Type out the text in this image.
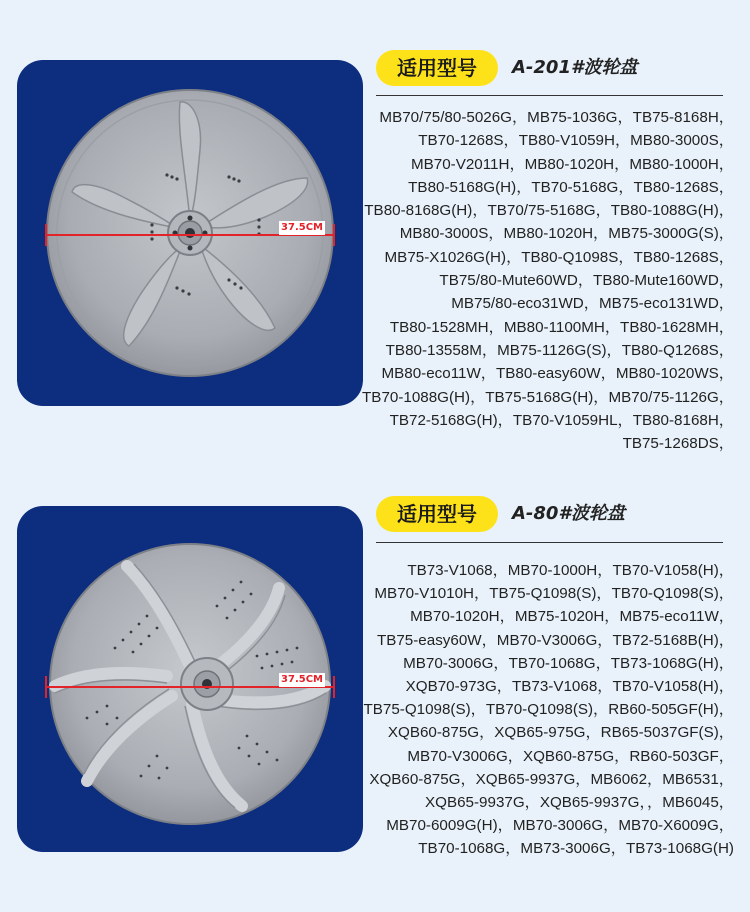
37.5CM
适用型号	A-201#波轮盘
MB70/75/80-5026G，MB75-1036G，TB75-8168H，
TB70-1268S，TB80-V1059H，MB80-3000S，
MB70-V2011H，MB80-1020H，MB80-1000H，
TB80-5168G(H)，TB70-5168G，TB80-1268S，
TB80-8168G(H)，TB70/75-5168G，TB80-1088G(H)，
MB80-3000S，MB80-1020H，MB75-3000G(S)，
MB75-X1026G(H)，TB80-Q1098S，TB80-1268S，
TB75/80-Mute60WD，TB80-Mute160WD，
MB75/80-eco31WD，MB75-eco131WD，
TB80-1528MH，MB80-1100MH，TB80-1628MH，
TB80-13558M，MB75-1126G(S)，TB80-Q1268S，
MB80-eco11W，TB80-easy60W，MB80-1020WS，
TB70-1088G(H)，TB75-5168G(H)，MB70/75-1126G，
TB72-5168G(H)，TB70-V1059HL，TB80-8168H，
TB75-1268DS，
37.5CM
适用型号	A-80#波轮盘
TB73-V1068，MB70-1000H，TB70-V1058(H)，
MB70-V1010H，TB75-Q1098(S)，TB70-Q1098(S)，
MB70-1020H，MB75-1020H，MB75-eco11W，
TB75-easy60W，MB70-V3006G，TB72-5168B(H)，
MB70-3006G，TB70-1068G，TB73-1068G(H)，
XQB70-973G，TB73-V1068，TB70-V1058(H)，
TB75-Q1098(S)，TB70-Q1098(S)，RB60-505GF(H)，
XQB60-875G，XQB65-975G，RB65-5037GF(S)，
MB70-V3006G，XQB60-875G，RB60-503GF，
XQB60-875G，XQB65-9937G，MB6062，MB6531，
XQB65-9937G，XQB65-9937G，，MB6045，
MB70-6009G(H)，MB70-3006G，MB70-X6009G，
TB70-1068G，MB73-3006G，TB73-1068G(H)
